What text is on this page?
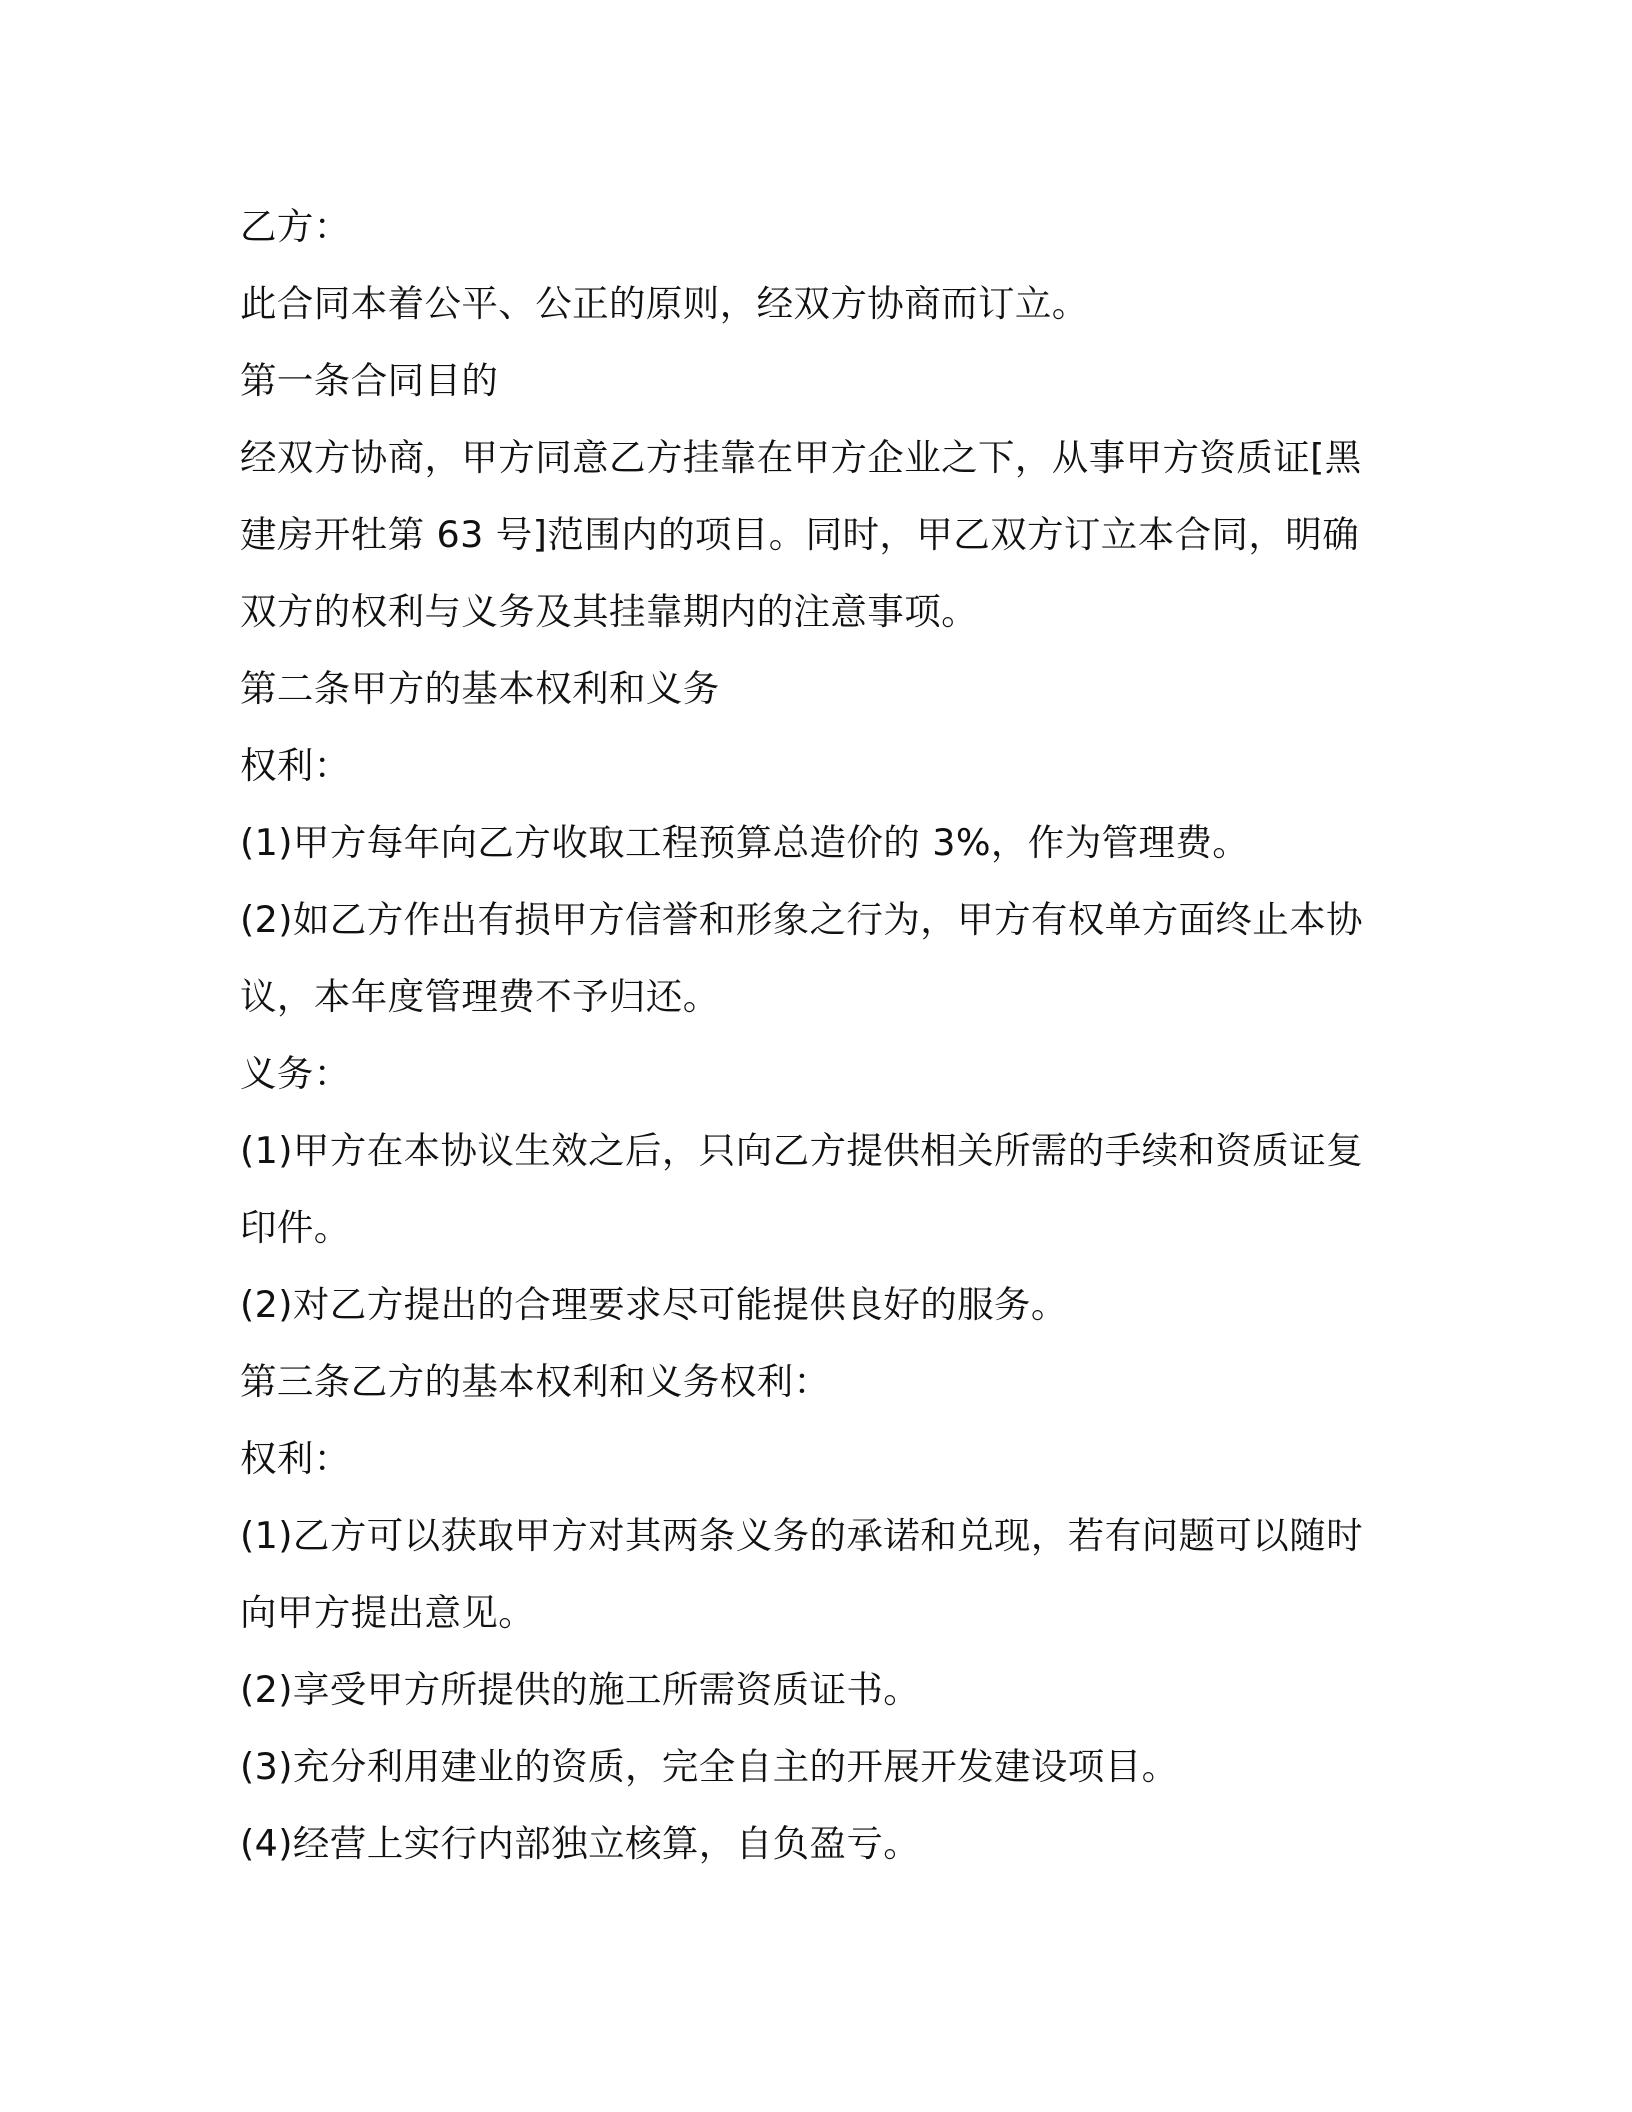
乙方：
此合同本着公平、公正的原则，经双方协商而订立。
第一条合同目的
经双方协商，甲方同意乙方挂靠在甲方企业之下，从事甲方资质证[黑
建房开牡第 63 号]范围内的项目。同时，甲乙双方订立本合同，明确
双方的权利与义务及其挂靠期内的注意事项。
第二条甲方的基本权利和义务
权利：
(1)甲方每年向乙方收取工程预算总造价的 3%，作为管理费。
(2)如乙方作出有损甲方信誉和形象之行为，甲方有权单方面终止本协
议，本年度管理费不予归还。
义务：
(1)甲方在本协议生效之后，只向乙方提供相关所需的手续和资质证复
印件。
(2)对乙方提出的合理要求尽可能提供良好的服务。
第三条乙方的基本权利和义务权利：
权利：
(1)乙方可以获取甲方对其两条义务的承诺和兑现，若有问题可以随时
向甲方提出意见。
(2)享受甲方所提供的施工所需资质证书。
(3)充分利用建业的资质，完全自主的开展开发建设项目。
(4)经营上实行内部独立核算，自负盈亏。
